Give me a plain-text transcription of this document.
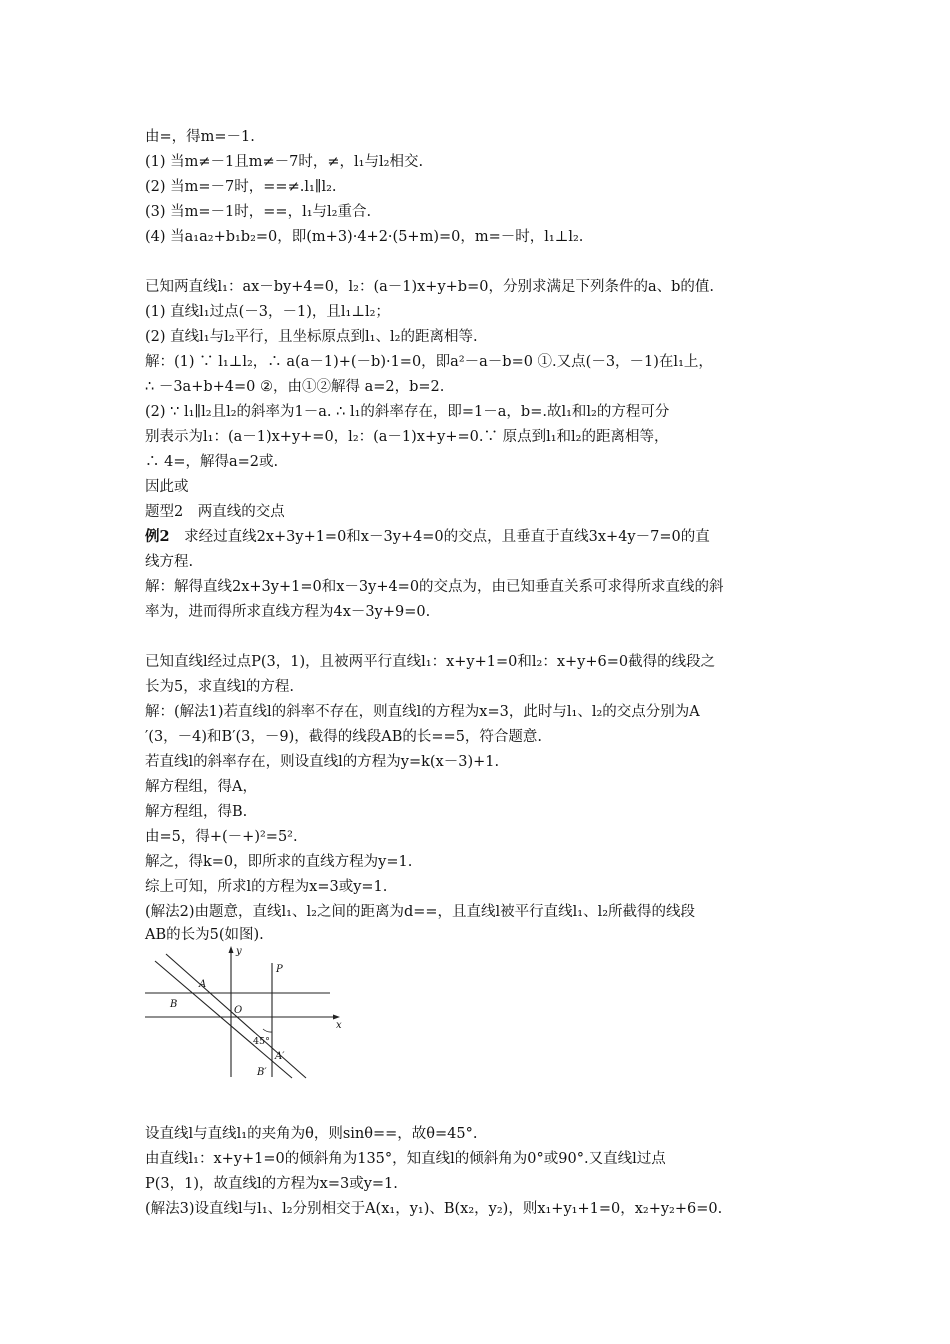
由=，得m=－1.
(1) 当m≠－1且m≠－7时，≠，l₁与l₂相交.
(2) 当m=－7时，==≠.l₁∥l₂.
(3) 当m=－1时，==，l₁与l₂重合.
(4) 当a₁a₂+b₁b₂=0，即(m+3)·4+2·(5+m)=0，m=－时，l₁⊥l₂.
已知两直线l₁：ax－by+4=0，l₂：(a－1)x+y+b=0，分别求满足下列条件的a、b的值.
(1) 直线l₁过点(－3，－1)，且l₁⊥l₂；
(2) 直线l₁与l₂平行，且坐标原点到l₁、l₂的距离相等.
解：(1) ∵ l₁⊥l₂，∴ a(a－1)+(－b)·1=0，即a²－a－b=0 ①.又点(－3，－1)在l₁上，
∴ －3a+b+4=0 ②，由①②解得 a=2，b=2.
(2) ∵ l₁∥l₂且l₂的斜率为1－a. ∴ l₁的斜率存在，即=1－a，b=.故l₁和l₂的方程可分
别表示为l₁：(a－1)x+y+=0，l₂：(a－1)x+y+=0.∵ 原点到l₁和l₂的距离相等，
∴ 4=，解得a=2或.
因此或
题型2　两直线的交点
例2　 求经过直线2x+3y+1=0和x－3y+4=0的交点，且垂直于直线3x+4y－7=0的直
线方程.
解：解得直线2x+3y+1=0和x－3y+4=0的交点为，由已知垂直关系可求得所求直线的斜
率为，进而得所求直线方程为4x－3y+9=0.
已知直线l经过点P(3，1)，且被两平行直线l₁：x+y+1=0和l₂：x+y+6=0截得的线段之
长为5，求直线l的方程.
解：(解法1)若直线l的斜率不存在，则直线l的方程为x=3，此时与l₁、l₂的交点分别为A
′(3，－4)和B′(3，－9)，截得的线段AB的长==5，符合题意.
若直线l的斜率存在，则设直线l的方程为y=k(x－3)+1.
解方程组，得A，
解方程组，得B.
由=5，得+(－+)²=5².
解之，得k=0，即所求的直线方程为y=1.
综上可知，所求l的方程为x=3或y=1.
(解法2)由题意，直线l₁、l₂之间的距离为d==，且直线l被平行直线l₁、l₂所截得的线段
AB的长为5(如图).
y
x
P
A
B
O
45°
A′
B′
设直线l与直线l₁的夹角为θ，则sinθ==，故θ=45°.
由直线l₁：x+y+1=0的倾斜角为135°，知直线l的倾斜角为0°或90°.又直线l过点
P(3，1)，故直线l的方程为x=3或y=1.
(解法3)设直线l与l₁、l₂分别相交于A(x₁，y₁)、B(x₂，y₂)，则x₁+y₁+1=0，x₂+y₂+6=0.
